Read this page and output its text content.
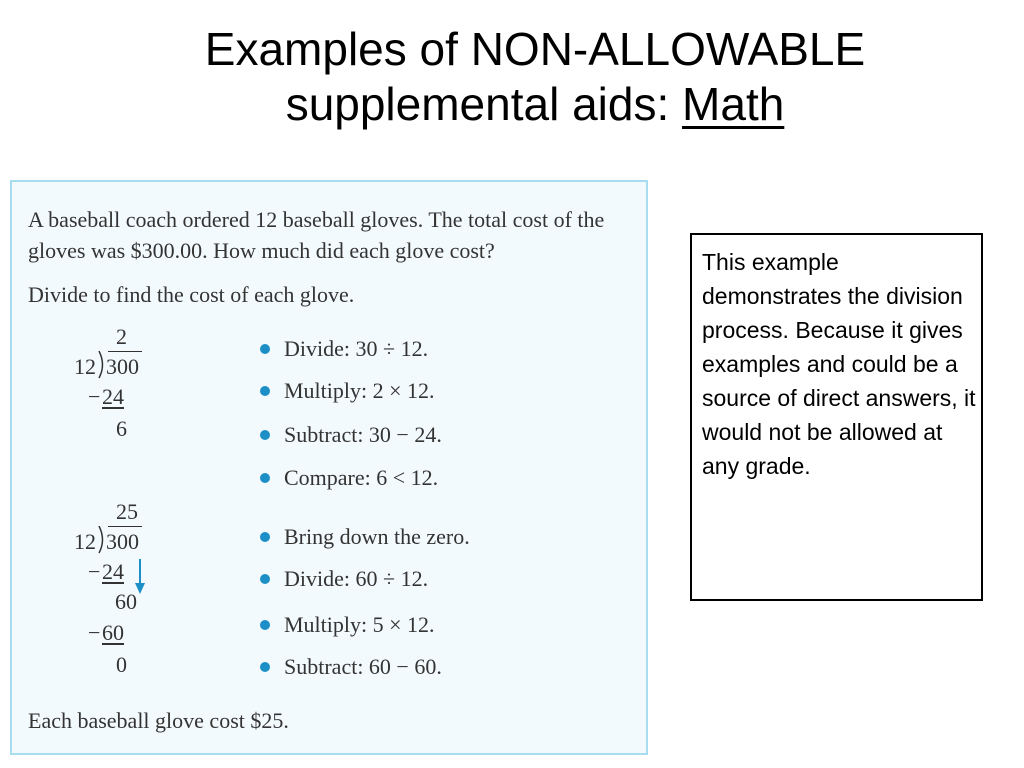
Examples of NON-ALLOWABLE
supplemental aids: Math
A baseball coach ordered 12 baseball gloves. The total cost of the gloves was $300.00. How much did each glove cost?
Divide to find the cost of each glove.
2
12 300
− 24
6
Divide: 30 ÷ 12.
Multiply: 2 × 12.
Subtract: 30 − 24.
Compare: 6 < 12.
25
12 300
− 24
60
− 60
0
Bring down the zero.
Divide: 60 ÷ 12.
Multiply: 5 × 12.
Subtract: 60 − 60.
Each baseball glove cost $25.
This example demonstrates the division process. Because it gives examples and could be a source of direct answers, it would not be allowed at any grade.
